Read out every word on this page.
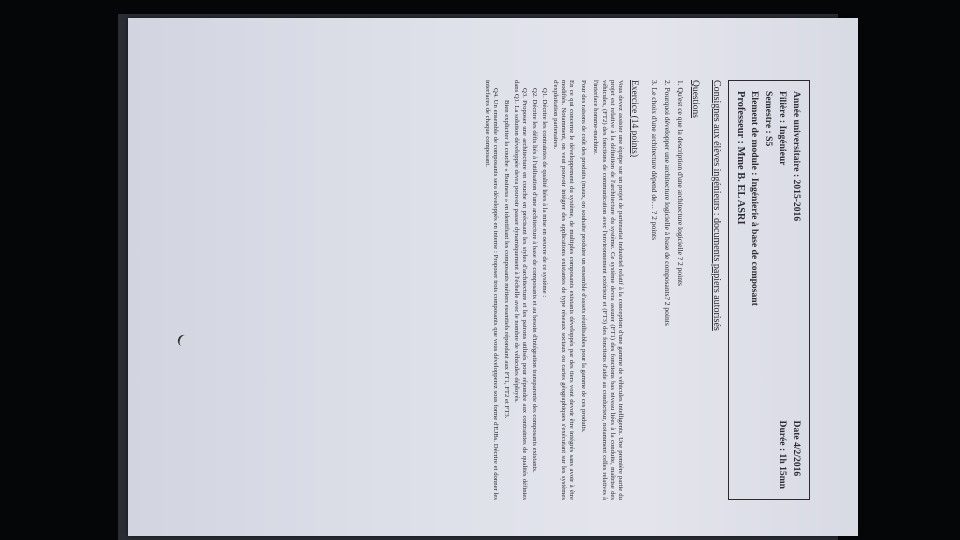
Année universitaire : 2015-2016
Filière : Ingénieur
Semestre : S5
Element de module : Ingénierie à base de composant
Professeur : Mme B. EL ASRI
Date 4/2/2016
Durée : 1h 15mn
Consignes aux élèves ingénieurs : documents papiers autorisés
Questions
1. Qu'est ce que la description d'une architecture logicielle ? 2 points
2. Pourquoi développer une architecture logicielle à base de composants? 2 points
3. Le choix d'une architecture dépend de… ? 2 points
Exercice (14 points)
Vous devez assister une équipe sur un projet de partenariat industriel relatif à la conception d'une gamme de véhicules intelligents. Une première partie du projet est relative à la définition de l'architecture du système. Ce système devra assurer (FT1) des fonctions bas niveau liées à la conduite, maîtrise des véhicules, (FT2) des fonctions de communication avec l'environnement extérieur et (FT3) des fonctions d'aide au conducteur, notamment celles relatives à l'interface homme-machine.
Pour des raisons de coût des produits (maux, on souhaite produire un ensemble d'assets réutilisables pour la gamme de ces produits.
En ce qui concerne le développement du système, de multiples composants existants développés par des tiers vont devoir être intégrés sans avoir à être modifiés. Notamment, on veut pouvoir intégrer des applications existantes de type réseaux sociaux ou cartes géographiques s'exécutant sur les systèmes d'exploitation partenaires.
Q1. Décrire les contraintes de qualité liées à la mise en oeuvre de ce système :
Q2. Décrire les défis liés à l'utilisation d'une architecture à base de composants et au besoin d'intégration transparente des composants existants.
Q3. Proposer une architecture en couche en précisant les styles d'architecture et les patrons utilisés pour répondre aux contraintes de qualités définies dans Q1. La solution développée devra pouvoir passer dynamiquement à l'échelle avec le nombre de véhicules déployés.
Bien expliciter la couche « Business » en identifiant les composants métiers essentiels répondant aux FT1, FT2 et FT3.
Q4. Un ensemble de composants sera développés en interne : Proposer trois composants que vous développerez sous forme d'EJBs. Décrire et donner les interfaces de chaque composant.
